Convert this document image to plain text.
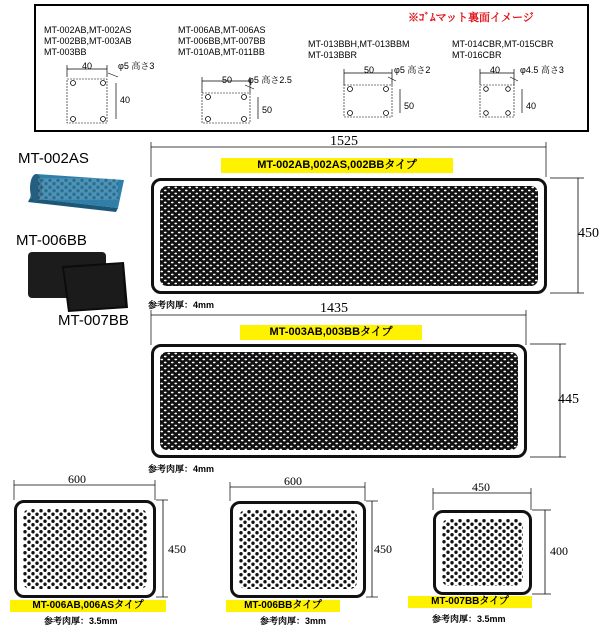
※ｺﾞﾑマット裏面イメージ
MT-002AB,MT-002AS
MT-002BB,MT-003AB
MT-003BB
40	φ5 高さ3
40
MT-006AB,MT-006AS
MT-006BB,MT-007BB
MT-010AB,MT-011BB
50 φ5 高さ2.5
50
MT-013BBH,MT-013BBM
MT-013BBR
50 φ5 高さ2
50
MT-014CBR,MT-015CBR
MT-016CBR
40 φ4.5 高さ3
40
MT-002AS
MT-006BB
MT-007BB
1525
MT-002AB,002AS,002BBタイプ
450
参考肉厚：4mm	1435
MT-003AB,003BBタイプ
445
参考肉厚：4mm
600
450
MT-006AB,006ASタイプ
参考肉厚：3.5mm
600
450
MT-006BBタイプ
参考肉厚：3mm
450
400
MT-007BBタイプ
参考肉厚：3.5mm
